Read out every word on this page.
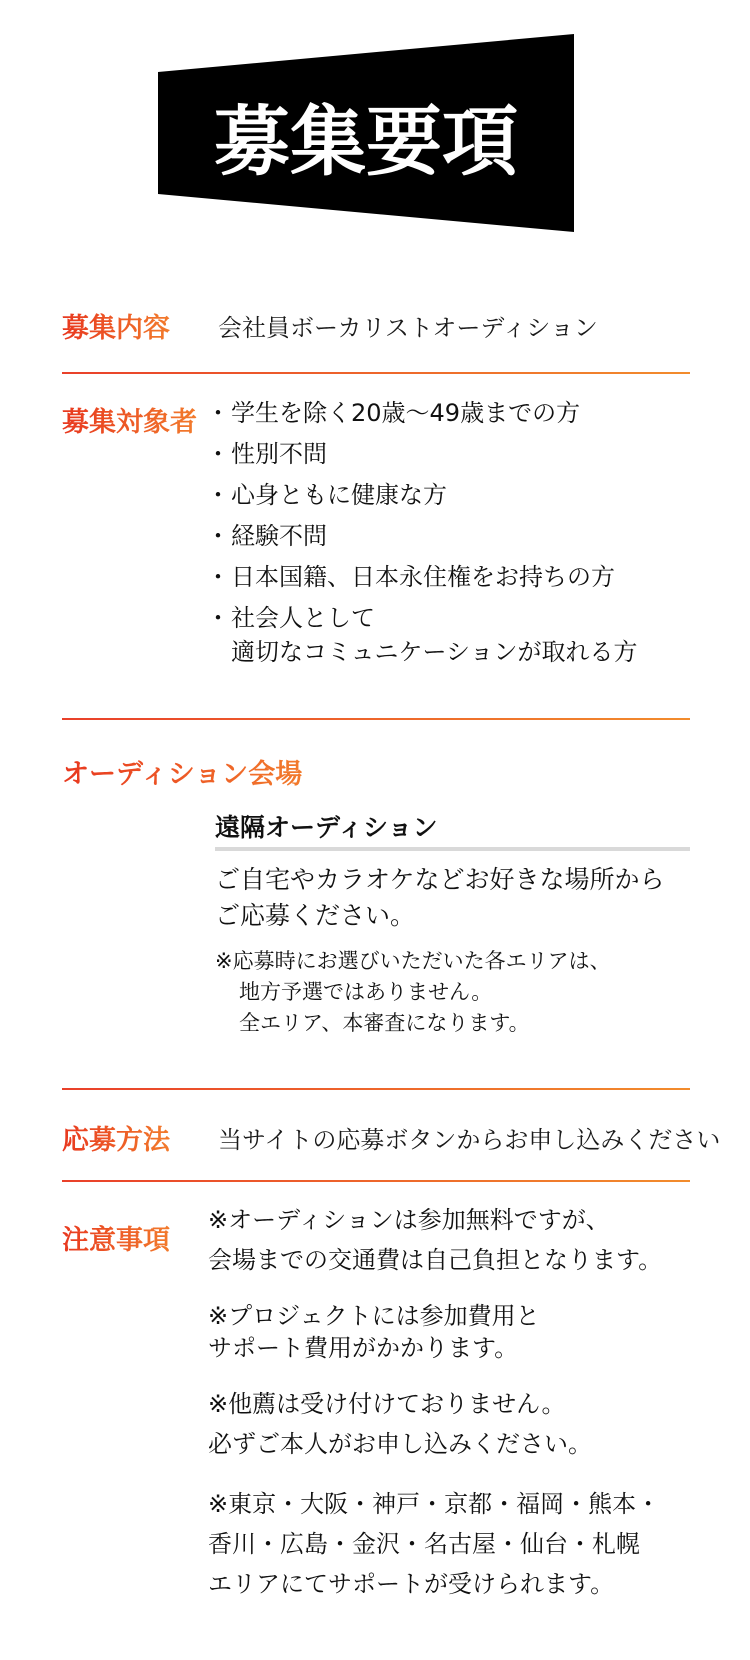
募集要項
募集内容 会社員ボーカリストオーディション
募集対象者
・	学生を除く20歳～49歳までの方
・ 性別不問
・ 心身ともに健康な方
・ 経験不問
・ 日本国籍、日本永住権をお持ちの方
・ 社会人として
適切なコミュニケーションが取れる方
オーディション会場
遠隔オーディション
ご自宅やカラオケなどお好きな場所から
ご応募ください。
※応募時にお選びいただいた各エリアは、
地方予選ではありません。
全エリア、本審査になります。
応募方法 当サイトの応募ボタンからお申し込みください
注意事項

※オーディションは参加無料ですが、
会場までの交通費は自己負担となります。

※プロジェクトには参加費用と
サポート費用がかかります。

※他薦は受け付けておりません。
必ずご本人がお申し込みください。

※東京・大阪・神戸・京都・福岡・熊本・
香川・広島・金沢・名古屋・仙台・札幌
エリアにてサポートが受けられます。
